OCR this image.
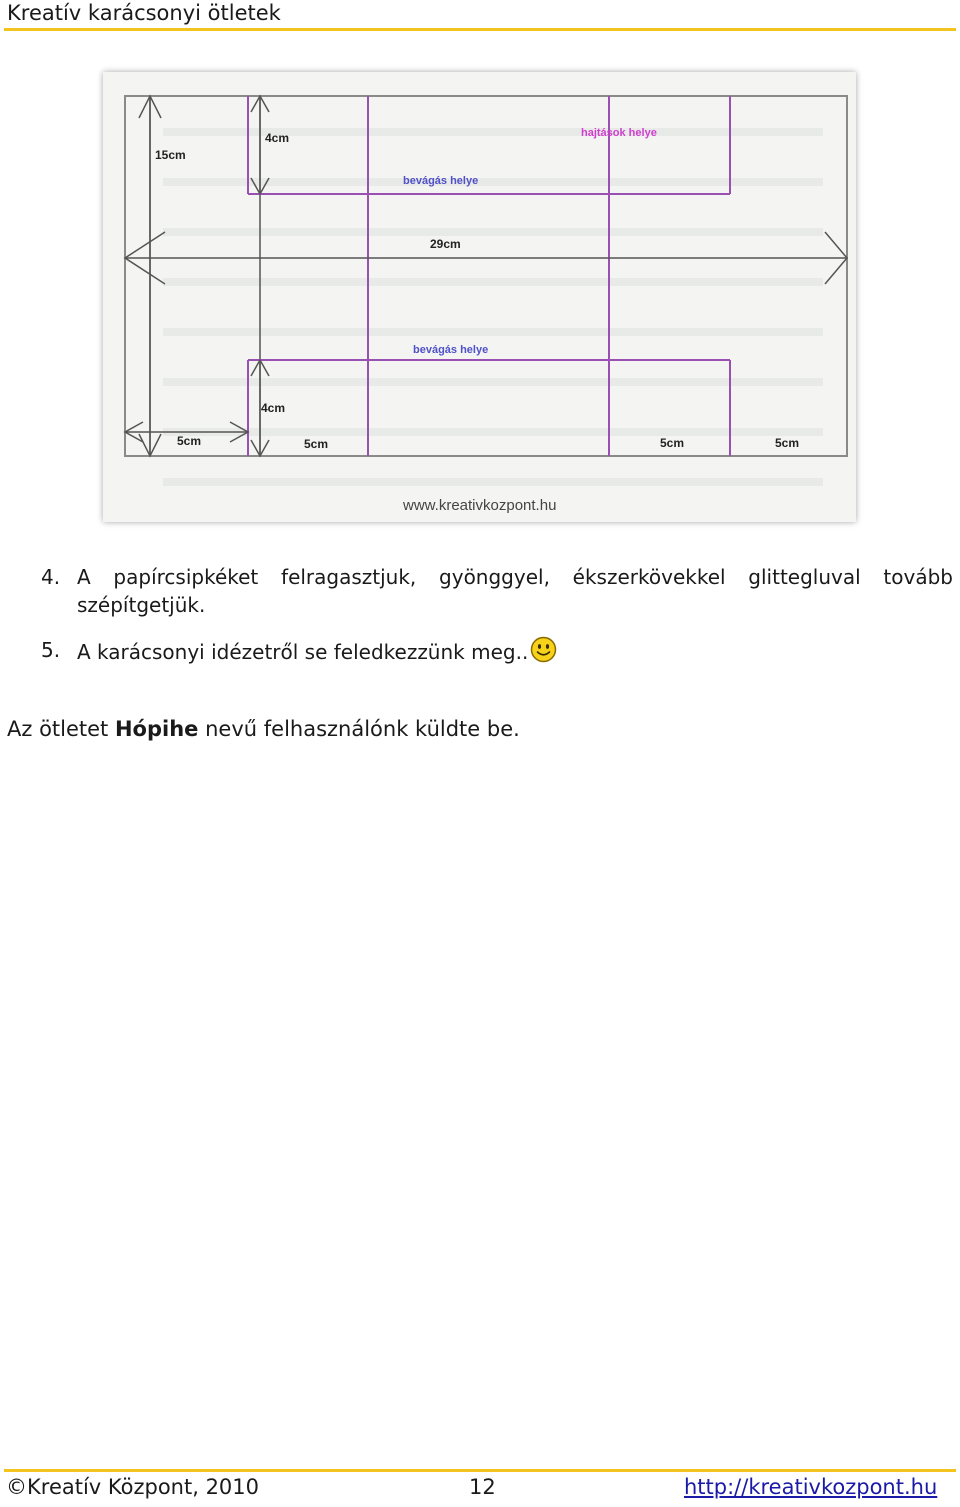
Kreatív karácsonyi ötletek
15cm
4cm	hajtások helye
bevágás helye
29cm
bevágás helye
4cm
5cm	5cm	5cm	5cm
www.kreativkozpont.hu
4. A papírcsipkéket felragasztjuk, gyönggyel, ékszerkövekkel glittegluval tovább szépítgetjük.
5. A karácsonyi idézetről se feledkezzünk meg..
Az ötletet Hópihe nevű felhasználónk küldte be.
©Kreatív Központ, 2010	12	http://kreativkozpont.hu
